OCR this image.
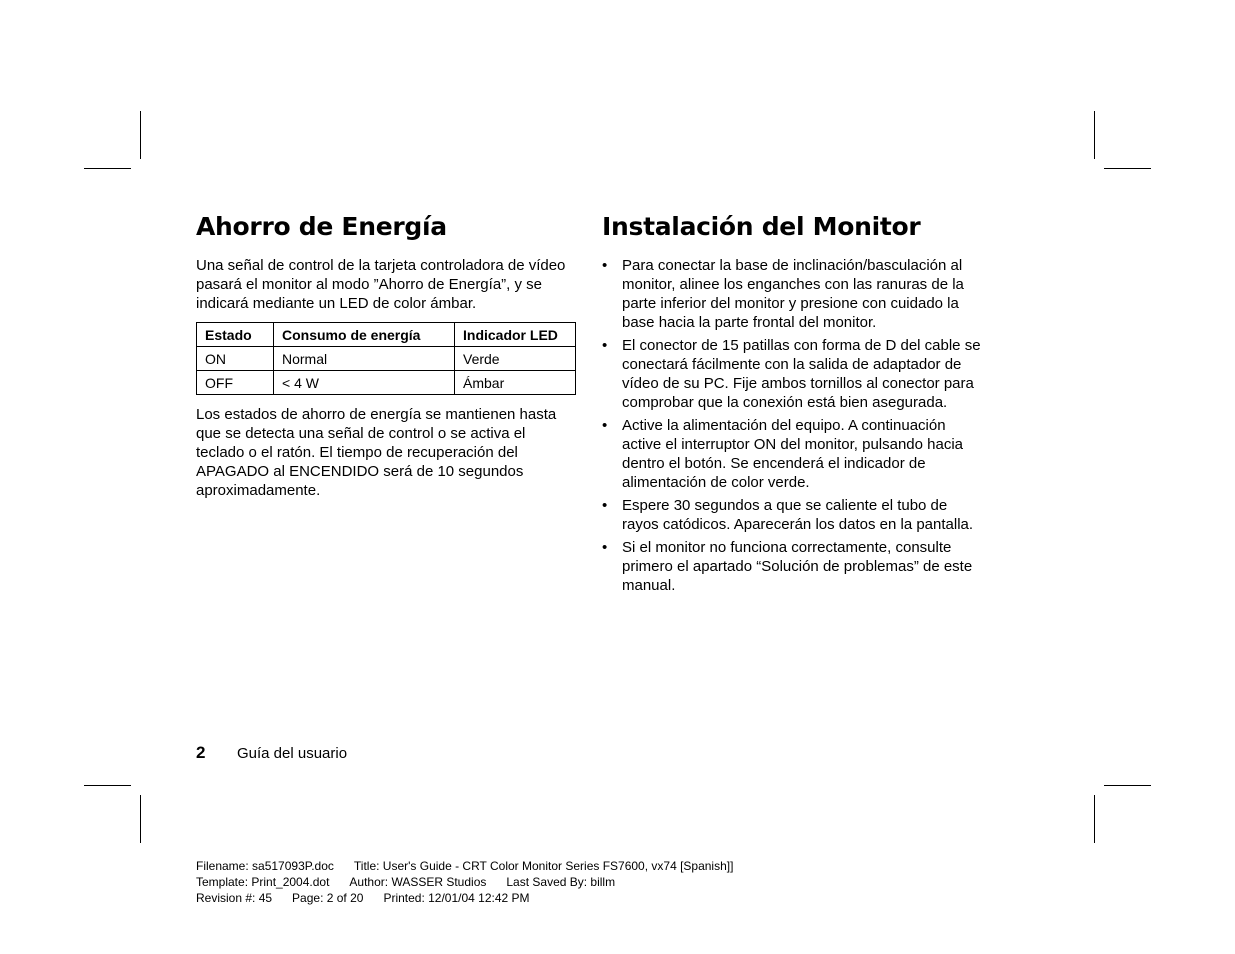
Ahorro de Energía

Una señal de control de la tarjeta controladora de vídeo pasará el monitor al modo ”Ahorro de Energía”, y se indicará mediante un LED de color ámbar.

Estado	Consumo de energía	Indicador LED
ON	Normal	Verde
OFF	< 4 W	Ámbar

Los estados de ahorro de energía se mantienen hasta que se detecta una señal de control o se activa el teclado o el ratón. El tiempo de recuperación del APAGADO al ENCENDIDO será de 10 segundos aproximadamente.

Instalación del Monitor
• Para conectar la base de inclinación/basculación al monitor, alinee los enganches con las ranuras de la parte inferior del monitor y presione con cuidado la base hacia la parte frontal del monitor.
• El conector de 15 patillas con forma de D del cable se conectará fácilmente con la salida de adaptador de vídeo de su PC. Fije ambos tornillos al conector para comprobar que la conexión está bien asegurada.
• Active la alimentación del equipo. A continuación active el interruptor ON del monitor, pulsando hacia dentro el botón. Se encenderá el indicador de alimentación de color verde.
• Espere 30 segundos a que se caliente el tubo de rayos catódicos. Aparecerán los datos en la pantalla.
• Si el monitor no funciona correctamente, consulte primero el apartado “Solución de problemas” de este manual.
2 Guía del usuario
Filename: sa517093P.doc Title: User's Guide - CRT Color Monitor Series FS7600, vx74 [Spanish]]
Template: Print_2004.dot Author: WASSER Studios Last Saved By: billm
Revision #: 45 Page: 2 of 20 Printed: 12/01/04 12:42 PM
